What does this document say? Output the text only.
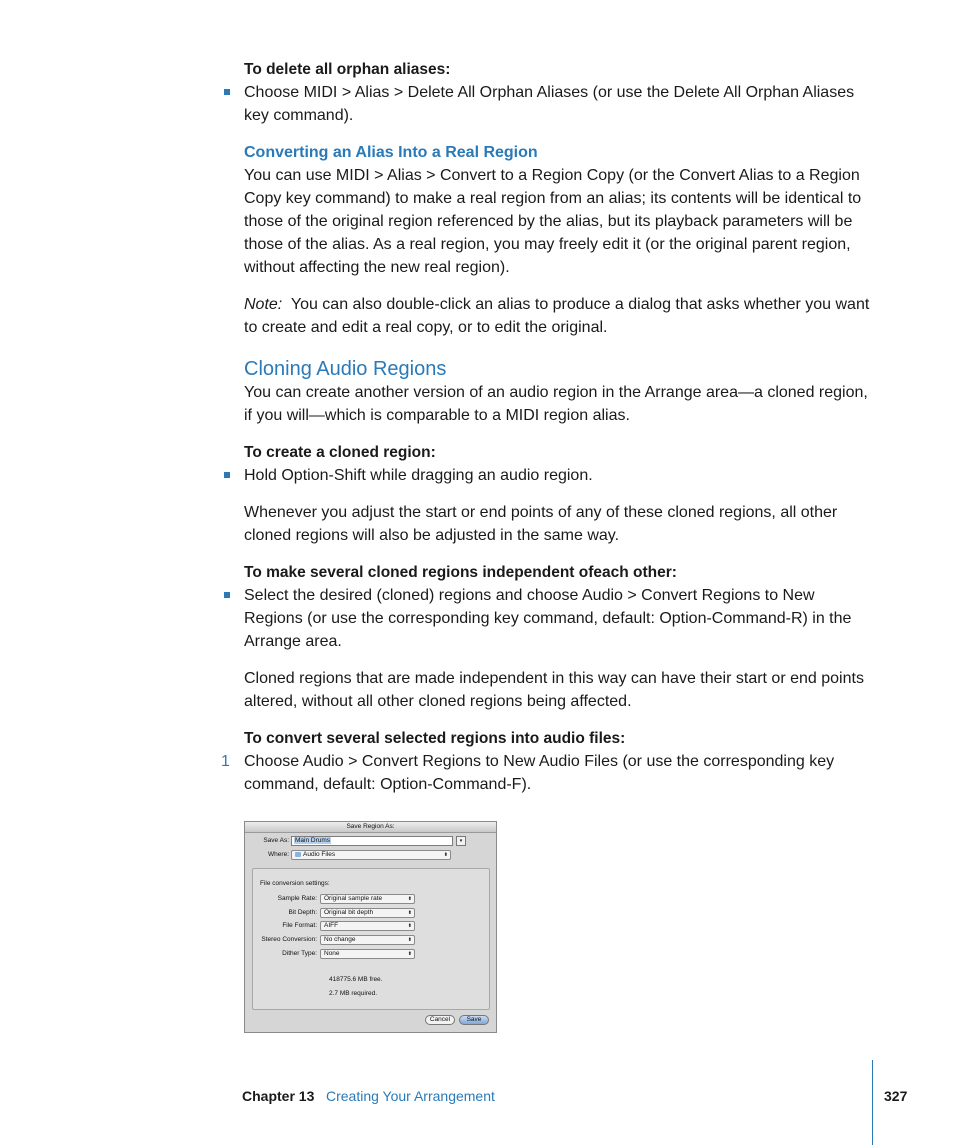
To delete all orphan aliases:

Choose MIDI > Alias > Delete All Orphan Aliases (or use the Delete All Orphan Aliases key command).

Converting an Alias Into a Real Region

You can use MIDI > Alias > Convert to a Region Copy (or the Convert Alias to a Region Copy key command) to make a real region from an alias; its contents will be identical to those of the original region referenced by the alias, but its playback parameters will be those of the alias. As a real region, you may freely edit it (or the original parent region, without affecting the new real region).

Note: You can also double-click an alias to produce a dialog that asks whether you want to create and edit a real copy, or to edit the original.

Cloning Audio Regions

You can create another version of an audio region in the Arrange area—a cloned region, if you will—which is comparable to a MIDI region alias.

To create a cloned region:

Hold Option-Shift while dragging an audio region.

Whenever you adjust the start or end points of any of these cloned regions, all other cloned regions will also be adjusted in the same way.

To make several cloned regions independent ofeach other:

Select the desired (cloned) regions and choose Audio > Convert Regions to New Regions (or use the corresponding key command, default: Option-Command-R) in the Arrange area.

Cloned regions that are made independent in this way can have their start or end points altered, without all other cloned regions being affected.

To convert several selected regions into audio files:

1 Choose Audio > Convert Regions to New Audio Files (or use the corresponding key command, default: Option-Command-F).

Save Region As:
Save As: Main Drums	▾
Where:	Audio Files	⬍
File conversion settings:
Sample Rate:	Original sample rate	⬍
Bit Depth:	Original bit depth	⬍
File Format:	AIFF	⬍
Stereo Conversion:	No change	⬍
Dither Type:	None	⬍
418775.6 MB free.
2.7 MB required.
Cancel	Save
Chapter 13 Creating Your Arrangement	327
